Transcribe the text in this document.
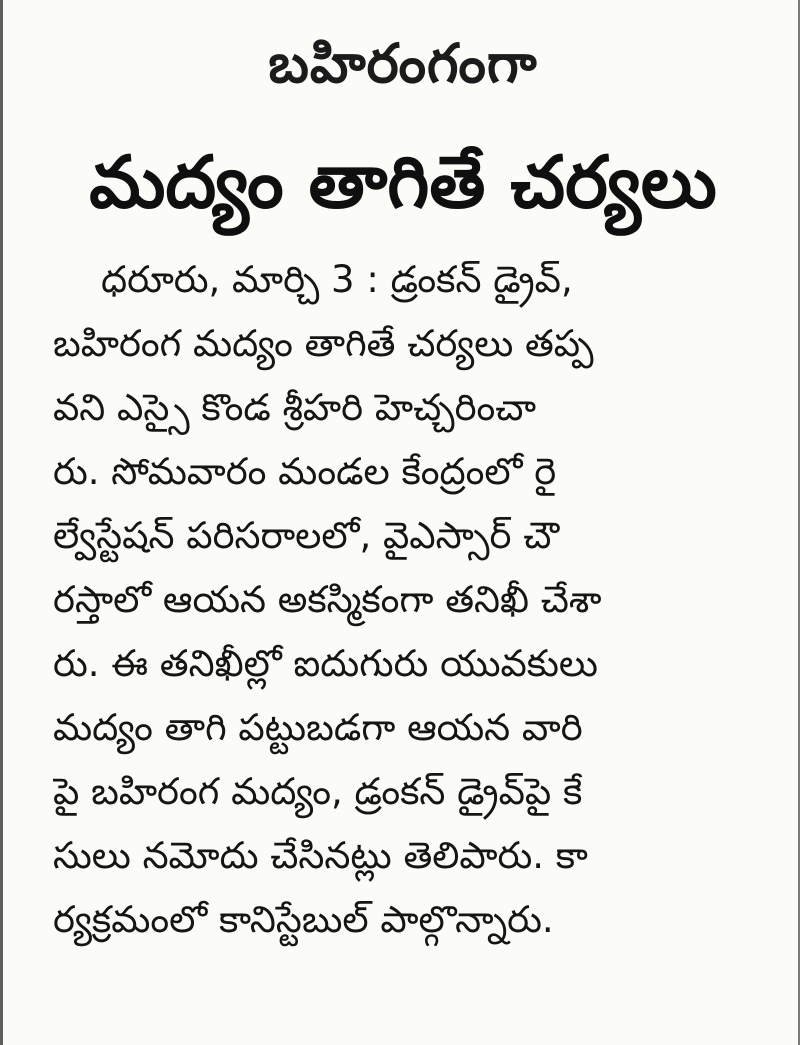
బహిరంగంగా
మద్యం తాగితే చర్యలు
ధరూరు, మార్చి 3 : డ్రంకన్ డ్రైవ్,
బహిరంగ మద్యం తాగితే చర్యలు తప్ప
వని ఎస్సై కొండ శ్రీహరి హెచ్చరించా
రు. సోమవారం మండల కేంద్రంలో రై
ల్వేస్టేషన్ పరిసరాలలో, వైఎస్సార్ చౌ
రస్తాలో ఆయన అకస్మికంగా తనిఖీ చేశా
రు. ఈ తనిఖీల్లో ఐదుగురు యువకులు
మద్యం తాగి పట్టుబడగా ఆయన వారి
పై బహిరంగ మద్యం, డ్రంకన్ డ్రైవ్‌పై కే
సులు నమోదు చేసినట్లు తెలిపారు. కా
ర్యక్రమంలో కానిస్టేబుల్ పాల్గొన్నారు.
